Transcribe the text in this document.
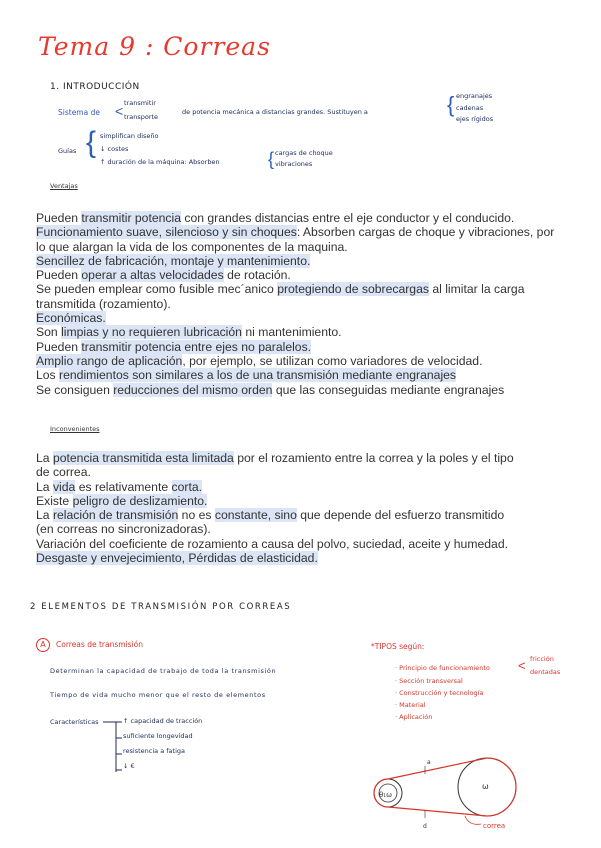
Tema 9 : Correas
1. INTRODUCCIÓN
Sistema de < transmitir
transporte
de potencia mecánica a distancias grandes. Sustituyen a	{ engranajes
cadenas
ejes rígidos
Guías { simplifican diseño
↓ costes
↑ duración de la máquina: Absorben	{ cargas de choque
vibraciones
Ventajas
Pueden transmitir potencia con grandes distancias entre el eje conductor y el conducido.
Funcionamiento suave, silencioso y sin choques: Absorben cargas de choque y vibraciones, por
lo que alargan la vida de los componentes de la maquina.
Sencillez de fabricación, montaje y mantenimiento.
Pueden operar a altas velocidades de rotación.
Se pueden emplear como fusible mec´anico protegiendo de sobrecargas al limitar la carga
transmitida (rozamiento).
Económicas.
Son limpias y no requieren lubricación ni mantenimiento.
Pueden transmitir potencia entre ejes no paralelos.
Amplio rango de aplicación, por ejemplo, se utilizan como variadores de velocidad.
Los rendimientos son similares a los de una transmisión mediante engranajes
Se consiguen reducciones del mismo orden que las conseguidas mediante engranajes
Inconvenientes
La potencia transmitida esta limitada por el rozamiento entre la correa y la poles y el tipo
de correa.
La vida es relativamente corta.
Existe peligro de deslizamiento.
La relación de transmisión no es constante, sino que depende del esfuerzo transmitido
(en correas no sincronizadoras).
Variación del coeficiente de rozamiento a causa del polvo, suciedad, aceite y humedad.
Desgaste y envejecimiento, Pérdidas de elasticidad.
2 ELEMENTOS DE TRANSMISIÓN POR CORREAS
A	Correas de transmisión
Determinan la capacidad de trabajo de toda la transmisión
Tiempo de vida mucho menor que el resto de elementos
Características	↑ capacidad de tracción
suficiente longevidad
resistencia a fatiga
↓ €
*TIPOS según:
· Principio de funcionamiento < fricción
dentadas
· Sección transversal
· Construcción y tecnología
· Material
· Aplicación
θ₁ω
ω
a
d	correa
